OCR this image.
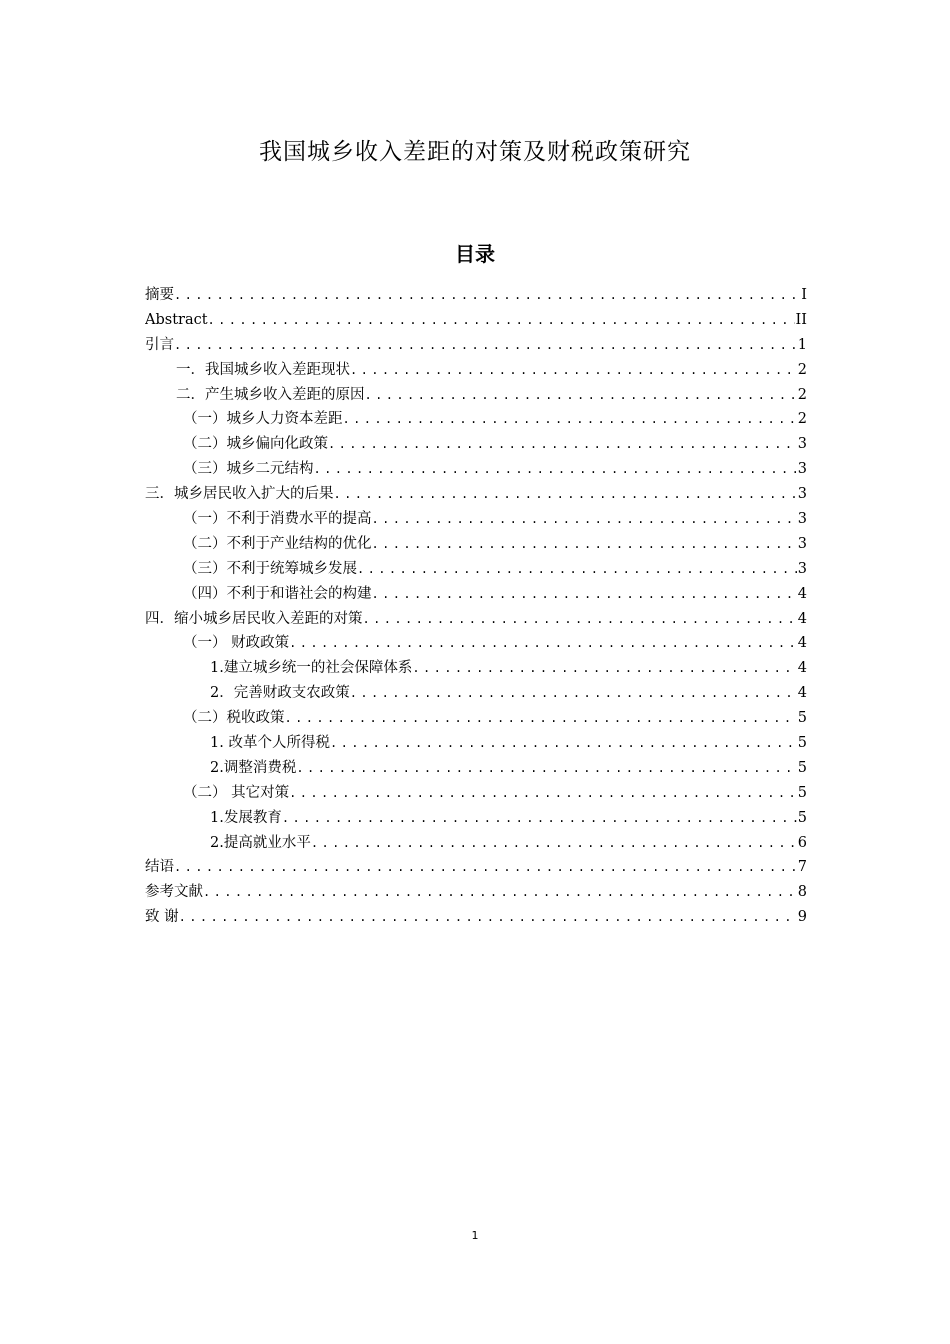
我国城乡收入差距的对策及财税政策研究
目录
摘要 .....	I
Abstract .....	II
引言 .....	1
一．我国城乡收入差距现状 .....	2
二．产生城乡收入差距的原因 .....	2
（一）城乡人力资本差距 .....	2
（二）城乡偏向化政策 .....	3
（三）城乡二元结构 .....	3
三．城乡居民收入扩大的后果 .....	3
（一）不利于消费水平的提高 .....	3
（二）不利于产业结构的优化 .....	3
（三）不利于统筹城乡发展 .....	3
（四）不利于和谐社会的构建 .....	4
四．缩小城乡居民收入差距的对策 .....	4
（一） 财政政策 .....	4
1.建立城乡统一的社会保障体系 .....	4
2．完善财政支农政策 .....	4
（二）税收政策 .....	5
1. 改革个人所得税 .....	5
2.调整消费税 .....	5
（二） 其它对策 .....	5
1.发展教育 .....	5
2.提高就业水平 .....	6
结语 .....	7
参考文献 .....	8
致 谢 .....	9
1
